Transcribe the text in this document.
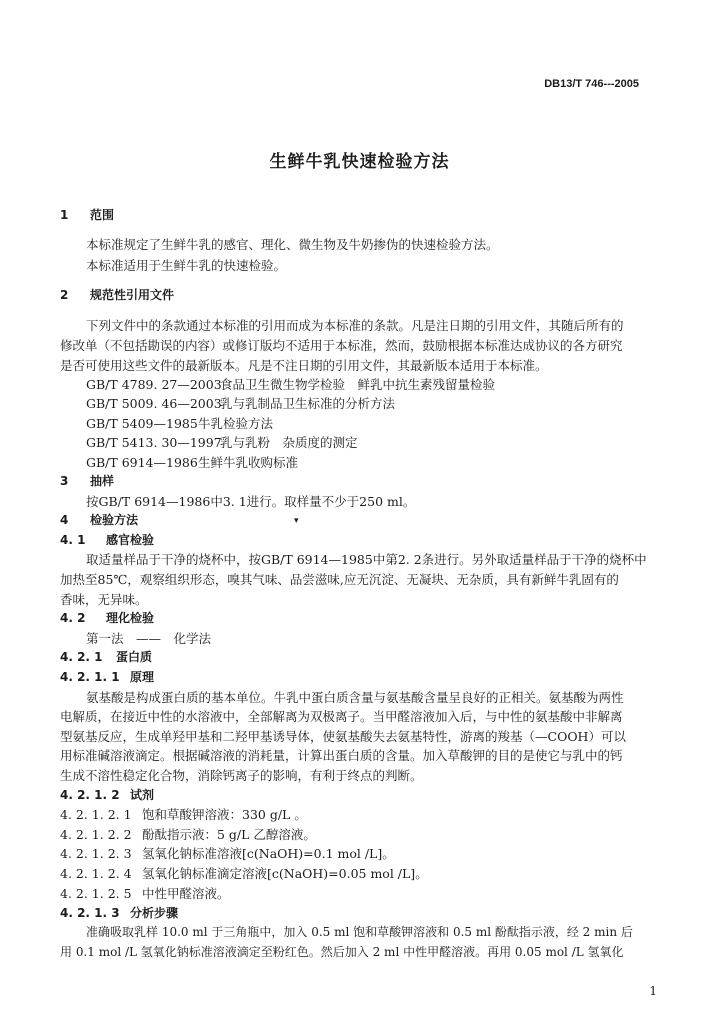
DB13/T 746---2005
生鲜牛乳快速检验方法
1 范围
本标准规定了生鲜牛乳的感官、理化、微生物及牛奶掺伪的快速检验方法。
本标准适用于生鲜牛乳的快速检验。
2 规范性引用文件
下列文件中的条款通过本标准的引用而成为本标准的条款。凡是注日期的引用文件，其随后所有的
修改单（不包括勘误的内容）或修订版均不适用于本标准，然而，鼓励根据本标准达成协议的各方研究
是否可使用这些文件的最新版本。凡是不注日期的引用文件，其最新版本适用于本标准。
GB/T 4789. 27—2003食品卫生微生物学检验　鲜乳中抗生素残留量检验
GB/T 5009. 46—2003乳与乳制品卫生标准的分析方法
GB/T 5409—1985牛乳检验方法
GB/T 5413. 30—1997乳与乳粉　杂质度的测定
GB/T 6914—1986生鲜牛乳收购标准
3 抽样
按GB/T 6914—1986中3. 1进行。取样量不少于250 ml。
4 检验方法	▾
4. 1 感官检验
取适量样品于干净的烧杯中，按GB/T 6914—1985中第2. 2条进行。另外取适量样品于干净的烧杯中
加热至85℃，观察组织形态，嗅其气味、品尝滋味,应无沉淀、无凝块、无杂质，具有新鲜牛乳固有的
香味，无异味。
4. 2 理化检验
第一法　——　化学法
4. 2. 1 蛋白质
4. 2. 1. 1 原理
氨基酸是构成蛋白质的基本单位。牛乳中蛋白质含量与氨基酸含量呈良好的正相关。氨基酸为两性
电解质，在接近中性的水溶液中，全部解离为双极离子。当甲醛溶液加入后，与中性的氨基酸中非解离
型氨基反应，生成单羟甲基和二羟甲基诱导体，使氨基酸失去氨基特性，游离的羧基（—COOH）可以
用标准碱溶液滴定。根据碱溶液的消耗量，计算出蛋白质的含量。加入草酸钾的目的是使它与乳中的钙
生成不溶性稳定化合物，消除钙离子的影响，有利于终点的判断。
4. 2. 1. 2 试剂
4. 2. 1. 2. 1 饱和草酸钾溶液：330 g/L 。
4. 2. 1. 2. 2 酚酞指示液：5 g/L 乙醇溶液。
4. 2. 1. 2. 3 氢氧化钠标准溶液[c(NaOH)=0.1 mol /L]。
4. 2. 1. 2. 4 氢氧化钠标准滴定溶液[c(NaOH)=0.05 mol /L]。
4. 2. 1. 2. 5 中性甲醛溶液。
4. 2. 1. 3 分析步骤
准确吸取乳样 10.0 ml 于三角瓶中，加入 0.5 ml 饱和草酸钾溶液和 0.5 ml 酚酞指示液，经 2 min 后
用 0.1 mol /L 氢氧化钠标准溶液滴定至粉红色。然后加入 2 ml 中性甲醛溶液。再用 0.05 mol /L 氢氧化
1
